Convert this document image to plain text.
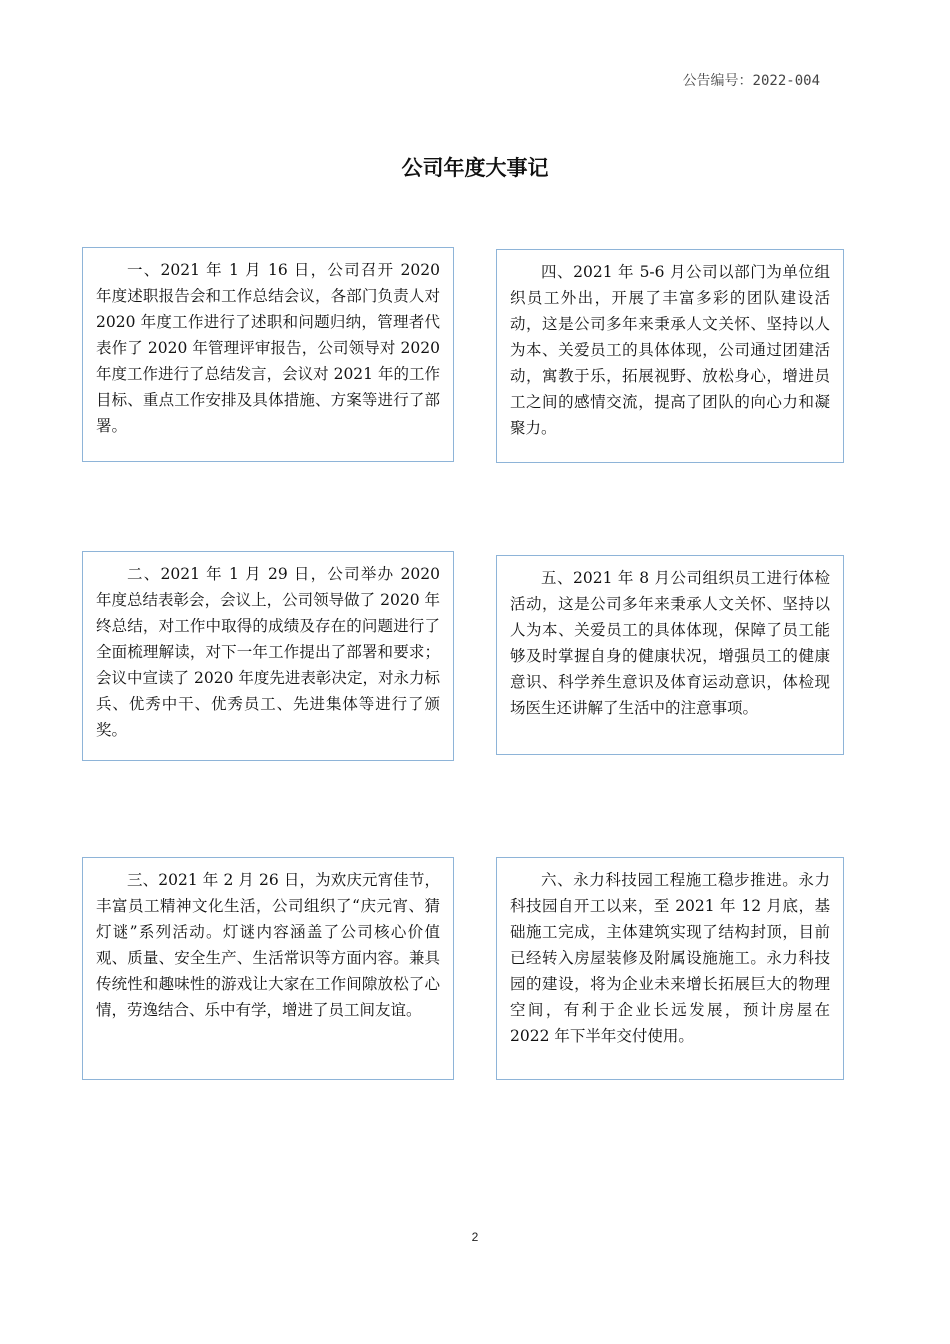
公告编号：2022-004
公司年度大事记
一、2021 年 1 月 16 日，公司召开 2020 年度述职报告会和工作总结会议，各部门负责人对 2020 年度工作进行了述职和问题归纳，管理者代表作了 2020 年管理评审报告，公司领导对 2020 年度工作进行了总结发言，会议对 2021 年的工作目标、重点工作安排及具体措施、方案等进行了部署。
四、2021 年 5-6 月公司以部门为单位组织员工外出，开展了丰富多彩的团队建设活动，这是公司多年来秉承人文关怀、坚持以人为本、关爱员工的具体体现，公司通过团建活动，寓教于乐，拓展视野、放松身心，增进员工之间的感情交流，提高了团队的向心力和凝聚力。
二、2021 年 1 月 29 日，公司举办 2020 年度总结表彰会，会议上，公司领导做了 2020 年终总结，对工作中取得的成绩及存在的问题进行了全面梳理解读，对下一年工作提出了部署和要求；会议中宣读了 2020 年度先进表彰决定，对永力标兵、优秀中干、优秀员工、先进集体等进行了颁奖。
五、2021 年 8 月公司组织员工进行体检活动，这是公司多年来秉承人文关怀、坚持以人为本、关爱员工的具体体现，保障了员工能够及时掌握自身的健康状况，增强员工的健康意识、科学养生意识及体育运动意识，体检现场医生还讲解了生活中的注意事项。
三、2021 年 2 月 26 日，为欢庆元宵佳节，丰富员工精神文化生活，公司组织了“庆元宵、猜灯谜”系列活动。灯谜内容涵盖了公司核心价值观、质量、安全生产、生活常识等方面内容。兼具传统性和趣味性的游戏让大家在工作间隙放松了心情，劳逸结合、乐中有学，增进了员工间友谊。
六、永力科技园工程施工稳步推进。永力科技园自开工以来，至 2021 年 12 月底，基础施工完成，主体建筑实现了结构封顶，目前已经转入房屋装修及附属设施施工。永力科技园的建设，将为企业未来增长拓展巨大的物理空间，有利于企业长远发展，预计房屋在 2022 年下半年交付使用。
2
